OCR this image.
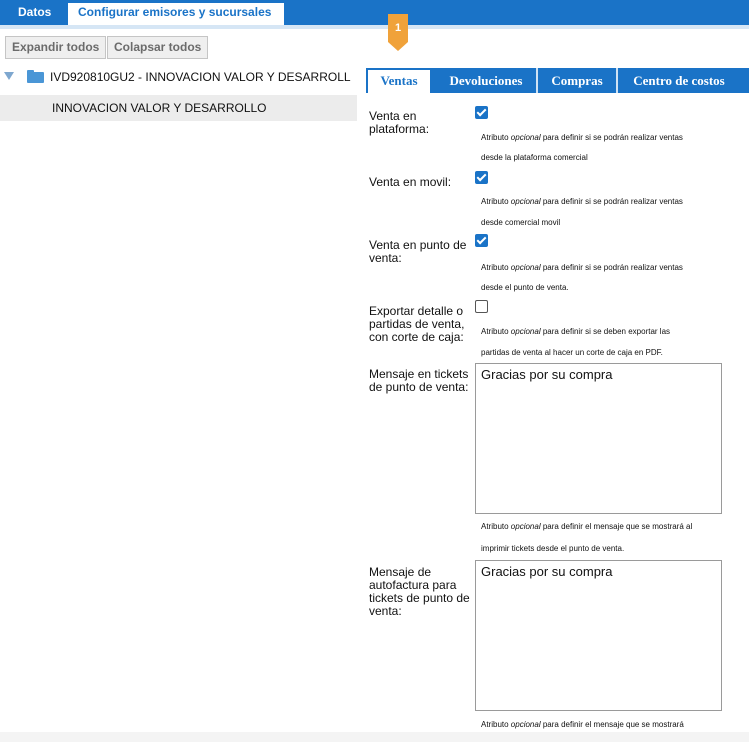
Datos	Configurar emisores y sucursales
Expandir todos	Colapsar todos
IVD920810GU2 - INNOVACION VALOR Y DESARROLL
INNOVACION VALOR Y DESARROLLO
1
Ventas	Devoluciones	Compras	Centro de costos
Venta en plataforma:
Atributo opcional para definir si se podrán realizar ventas
desde la plataforma comercial
Venta en movil:
Atributo opcional para definir si se podrán realizar ventas
desde comercial movil
Venta en punto de venta:
Atributo opcional para definir si se podrán realizar ventas
desde el punto de venta.
Exportar detalle o partidas de venta, con corte de caja:	Atributo opcional para definir si se deben exportar las
partidas de venta al hacer un corte de caja en PDF.
Mensaje en tickets de punto de venta:
Gracias por su compra
Atributo opcional para definir el mensaje que se mostrará al
imprimir tickets desde el punto de venta.
Mensaje de autofactura para tickets de punto de venta:
Gracias por su compra
Atributo opcional para definir el mensaje que se mostrará
